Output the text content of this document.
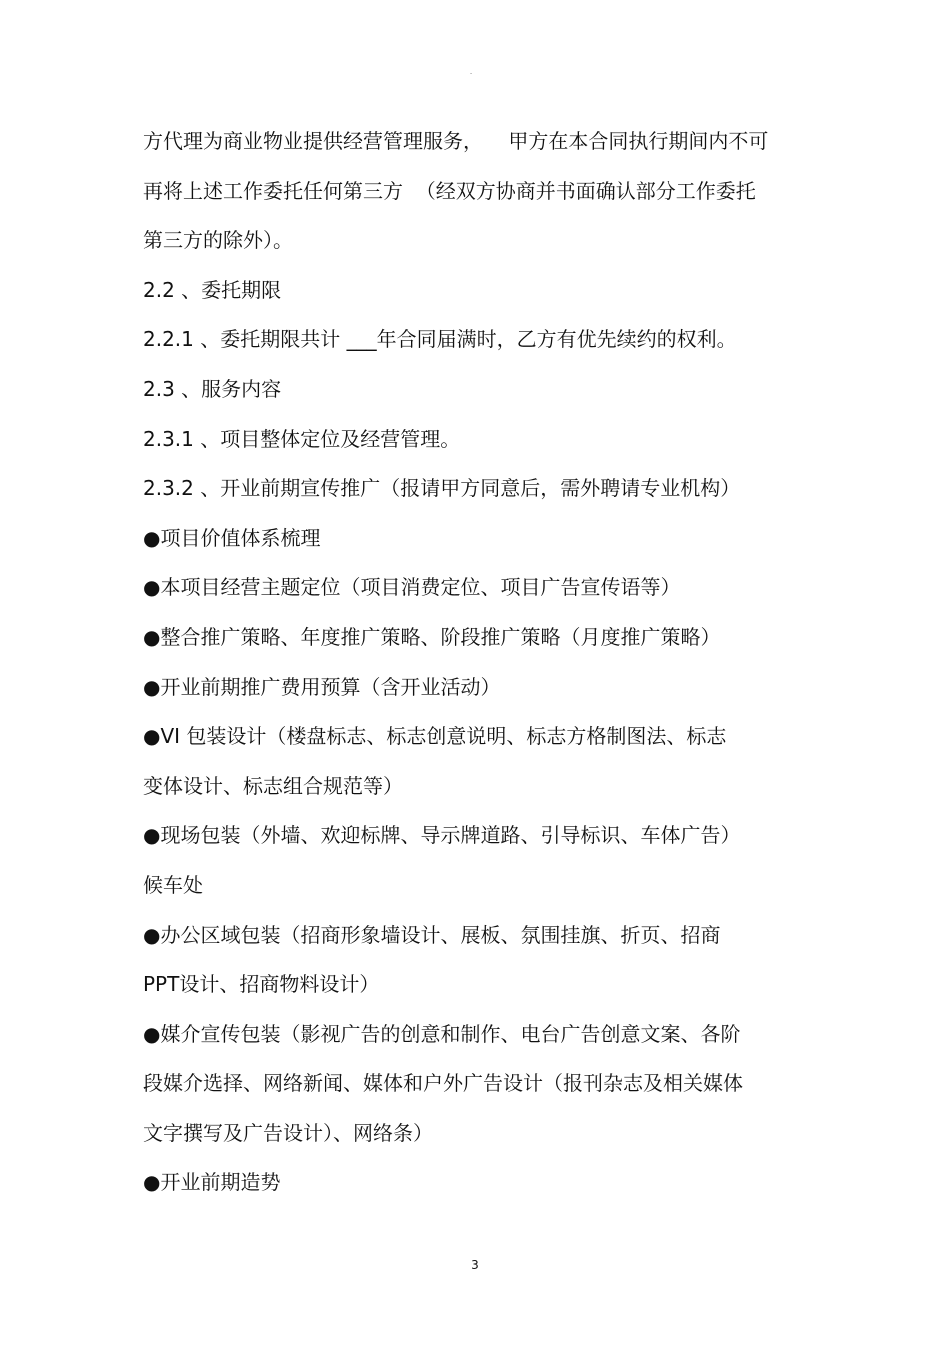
-
方代理为商业物业提供经营管理服务，    甲方在本合同执行期间内不可
再将上述工作委托任何第三方  （经双方协商并书面确认部分工作委托
第三方的除外）。
2.2 、委托期限
2.2.1 、委托期限共计 ___年合同届满时，乙方有优先续约的权利。
2.3 、服务内容
2.3.1 、项目整体定位及经营管理。
2.3.2 、开业前期宣传推广（报请甲方同意后，需外聘请专业机构）
●项目价值体系梳理
●本项目经营主题定位（项目消费定位、项目广告宣传语等）
●整合推广策略、年度推广策略、阶段推广策略（月度推广策略）
●开业前期推广费用预算（含开业活动）
●VI 包装设计（楼盘标志、标志创意说明、标志方格制图法、标志
变体设计、标志组合规范等）
●现场包装（外墙、欢迎标牌、导示牌道路、引导标识、车体广告）
候车处
●办公区域包装（招商形象墙设计、展板、氛围挂旗、折页、招商
PPT设计、招商物料设计）
●媒介宣传包装（影视广告的创意和制作、电台广告创意文案、各阶
段媒介选择、网络新闻、媒体和户外广告设计（报刊杂志及相关媒体
文字撰写及广告设计）、网络条）
●开业前期造势
3
